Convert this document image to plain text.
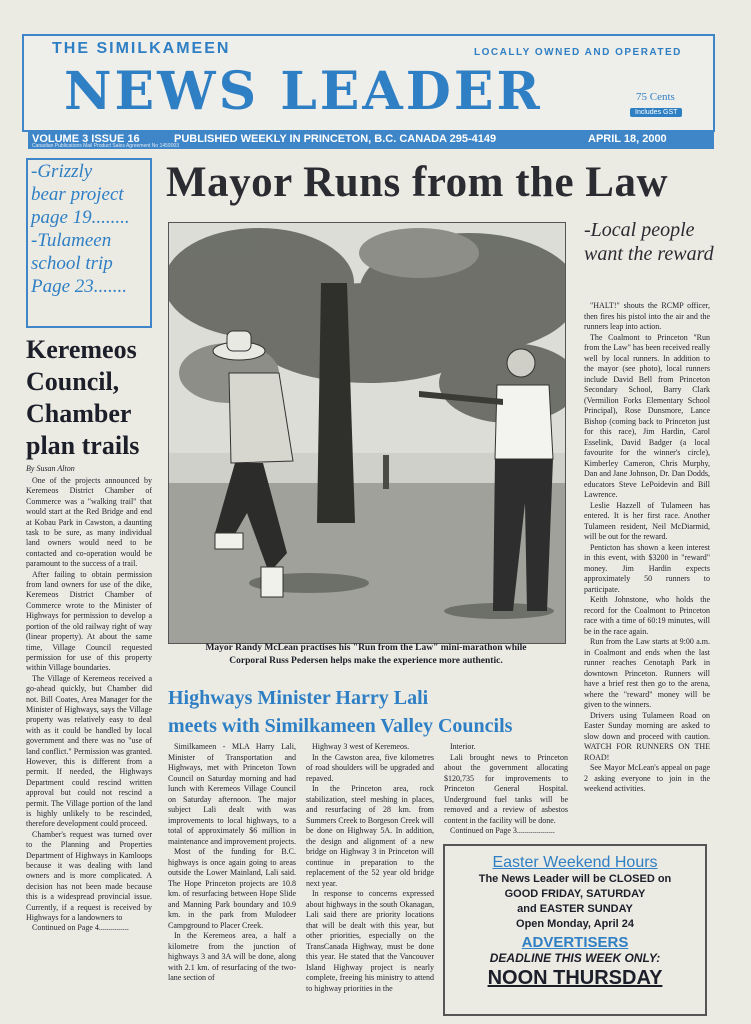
THE SIMILKAMEEN	LOCALLY OWNED AND OPERATED
NEWS LEADER	75 Cents
Includes GST
VOLUME 3 ISSUE 16	PUBLISHED WEEKLY IN PRINCETON, B.C. CANADA 295-4149	APRIL 18, 2000
Canadian Publications Mail Product Sales Agreement No 1459003
-Grizzly
bear project
page 19........
-Tulameen
school trip
Page 23.......
Mayor Runs from the Law
Keremeos Council, Chamber plan trails
By Susan Alton

One of the projects announced by Keremeos District Chamber of Commerce was a "walking trail" that would start at the Red Bridge and end at Kobau Park in Cawston, a daunting task to be sure, as many individual land owners would need to be contacted and co-operation would be paramount to the success of a trail.

After failing to obtain permission from land owners for use of the dike, Keremeos District Chamber of Commerce wrote to the Minister of Highways for permission to develop a portion of the old railway right of way (linear property). At about the same time, Village Council requested permission for use of this property within Village boundaries.

The Village of Keremeos received a go-ahead quickly, but Chamber did not. Bill Coates, Area Manager for the Minister of Highways, says the Village property was relatively easy to deal with as it could be handled by local government and there was no "use of land conflict." Permission was granted. However, this is different from a permit. If needed, the Highways Department could rescind written approval but could not rescind a permit. The Village portion of the land is highly unlikely to be rescinded, therefore development could proceed.

Chamber's request was turned over to the Planning and Properties Department of Highways in Kamloops because it was dealing with land owners and is more complicated. A decision has not been made because this is a widespread provincial issue. Currently, if a request is received by Highways for a landowners to

Continued on Page 4...............

Mayor Randy McLean practises his "Run from the Law" mini-marathon while
Corporal Russ Pedersen helps make the experience more authentic.
-Local people want the reward

"HALT!" shouts the RCMP officer, then fires his pistol into the air and the runners leap into action.

The Coalmont to Princeton "Run from the Law" has been received really well by local runners. In addition to the mayor (see photo), local runners include David Bell from Princeton Secondary School, Barry Clark (Vermilion Forks Elementary School Principal), Rose Dunsmore, Lance Bishop (coming back to Princeton just for this race), Jim Hardin, Carol Esselink, David Badger (a local favourite for the winner's circle), Kimberley Cameron, Chris Murphy, Dan and Jane Johnson, Dr. Dan Dodds, educators Steve LePoidevin and Bill Lawrence.

Leslie Hazzell of Tulameen has entered. It is her first race. Another Tulameen resident, Neil McDiarmid, will be out for the reward.

Penticton has shown a keen interest in this event, with $3200 in "reward" money. Jim Hardin expects approximately 50 runners to participate.

Keith Johnstone, who holds the record for the Coalmont to Princeton race with a time of 60:19 minutes, will be in the race again.

Run from the Law starts at 9:00 a.m. in Coalmont and ends when the last runner reaches Cenotaph Park in downtown Princeton. Runners will have a brief rest then go to the arena, where the "reward" money will be given to the winners.

Drivers using Tulameen Road on Easter Sunday morning are asked to slow down and proceed with caution. WATCH FOR RUNNERS ON THE ROAD!

See Mayor McLean's appeal on page 2 asking everyone to join in the weekend activities.

Highways Minister Harry Lali
meets with Similkameen Valley Councils

Similkameen - MLA Harry Lali, Minister of Transportation and Highways, met with Princeton Town Council on Saturday morning and had lunch with Keremeos Village Council on Saturday afternoon. The major subject Lali dealt with was improvements to local highways, to a total of approximately $6 million in maintenance and improvement projects.

Most of the funding for B.C. highways is once again going to areas outside the Lower Mainland, Lali said. The Hope Princeton projects are 10.8 km. of resurfacing between Hope Slide and Manning Park boundary and 10.9 km. in the park from Mulodeer Campground to Placer Creek.

In the Keremeos area, a half a kilometre from the junction of highways 3 and 3A will be done, along with 2.1 km. of resurfacing of the two-lane section of

Highway 3 west of Keremeos.

In the Cawston area, five kilometres of road shoulders will be upgraded and repaved.

In the Princeton area, rock stabilization, steel meshing in places, and resurfacing of 28 km. from Summers Creek to Borgeson Creek will be done on Highway 5A. In addition, the design and alignment of a new bridge on Highway 3 in Princeton will continue in preparation to the replacement of the 52 year old bridge next year.

In response to concerns expressed about highways in the south Okanagan, Lali said there are priority locations that will be dealt with this year, but other priorities, especially on the TransCanada Highway, must be done this year. He stated that the Vancouver Island Highway project is nearly complete, freeing his ministry to attend to highway priorities in the

Interior.

Lali brought news to Princeton about the government allocating $120,735 for improvements to Princeton General Hospital. Underground fuel tanks will be removed and a review of asbestos content in the facility will be done.

Continued on Page 3...................

Easter Weekend Hours
The News Leader will be CLOSED on
GOOD FRIDAY, SATURDAY
and EASTER SUNDAY
Open Monday, April 24
ADVERTISERS
DEADLINE THIS WEEK ONLY:
NOON THURSDAY
